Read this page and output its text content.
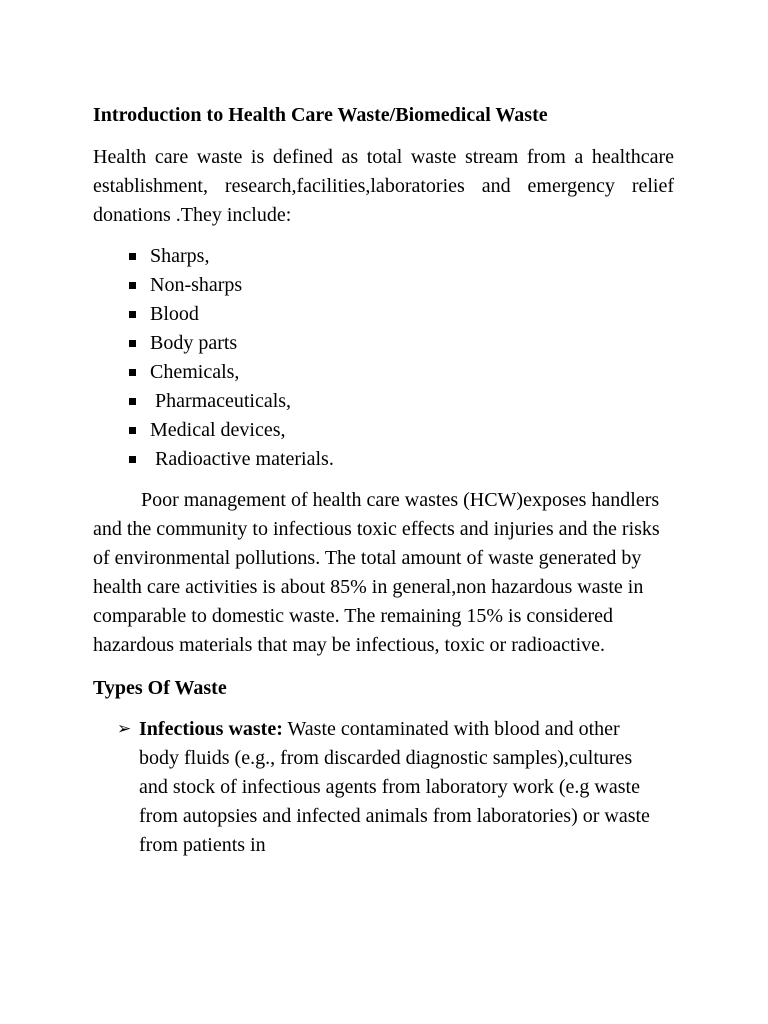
Introduction to Health Care Waste/Biomedical Waste

Health care waste is defined as total waste stream from a healthcare establishment, research,facilities,laboratories and emergency relief donations .They include:

Sharps,
Non-sharps
Blood
Body parts
Chemicals,
Pharmaceuticals,
Medical devices,
Radioactive materials.

Poor management of health care wastes (HCW)exposes handlers and the community to infectious toxic effects and injuries and the risks of environmental pollutions. The total amount of waste generated by health care activities is about 85% in general,non hazardous waste in comparable to domestic waste. The remaining 15% is considered hazardous materials that may be infectious, toxic or radioactive.

Types Of Waste
➢ Infectious waste: Waste contaminated with blood and other body fluids (e.g., from discarded diagnostic samples),cultures and stock of infectious agents from laboratory work (e.g waste from autopsies and infected animals from laboratories) or waste from patients in
